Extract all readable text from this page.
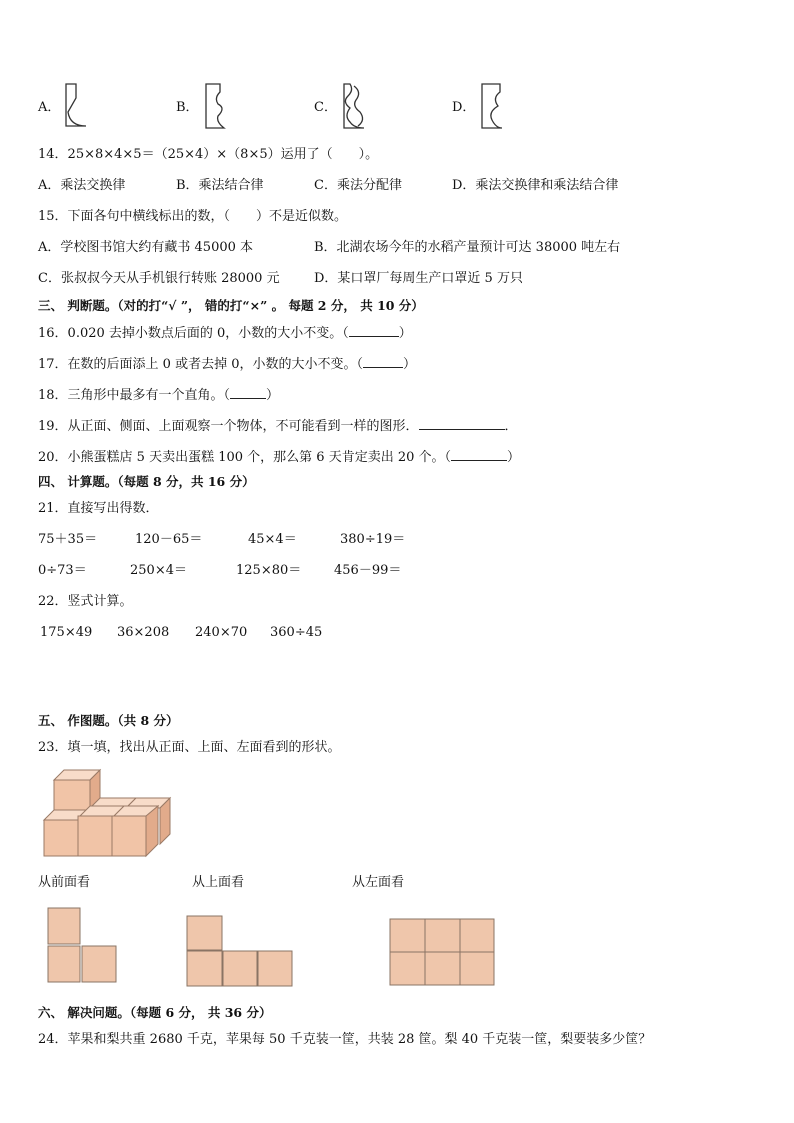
A．	B．	C．	D．
14．25×8×4×5＝（25×4）×（8×5）运用了（　　）。
A．乘法交换律	B．乘法结合律	C．乘法分配律	D．乘法交换律和乘法结合律
15．下面各句中横线标出的数，（　　）不是近似数。
A．学校图书馆大约有藏书 45000 本	B．北湖农场今年的水稻产量预计可达 38000 吨左右
C．张叔叔今天从手机银行转账 28000 元	D．某口罩厂每周生产口罩近 5 万只
三、 判断题。（对的打“√ ”， 错的打“×” 。 每题 2 分， 共 10 分）
16．0.020 去掉小数点后面的 0，小数的大小不变。（	）
17．在数的后面添上 0 或者去掉 0，小数的大小不变。（	）
18．三角形中最多有一个直角。（	）
19．从正面、侧面、上面观察一个物体，不可能看到一样的图形．	．
20．小熊蛋糕店 5 天卖出蛋糕 100 个，那么第 6 天肯定卖出 20 个。（	）
四、 计算题。（每题 8 分，共 16 分）
21．直接写出得数．
75＋35＝	120－65＝	45×4＝	380÷19＝
0÷73＝	250×4＝	125×80＝	456－99＝
22．竖式计算。
175×49 36×208 240×70 360÷45
五、 作图题。（共 8 分）
23．填一填，找出从正面、上面、左面看到的形状。
从前面看	从上面看	从左面看
六、 解决问题。（每题 6 分， 共 36 分）
24．苹果和梨共重 2680 千克，苹果每 50 千克装一筐，共装 28 筐。梨 40 千克装一筐，梨要装多少筐？
